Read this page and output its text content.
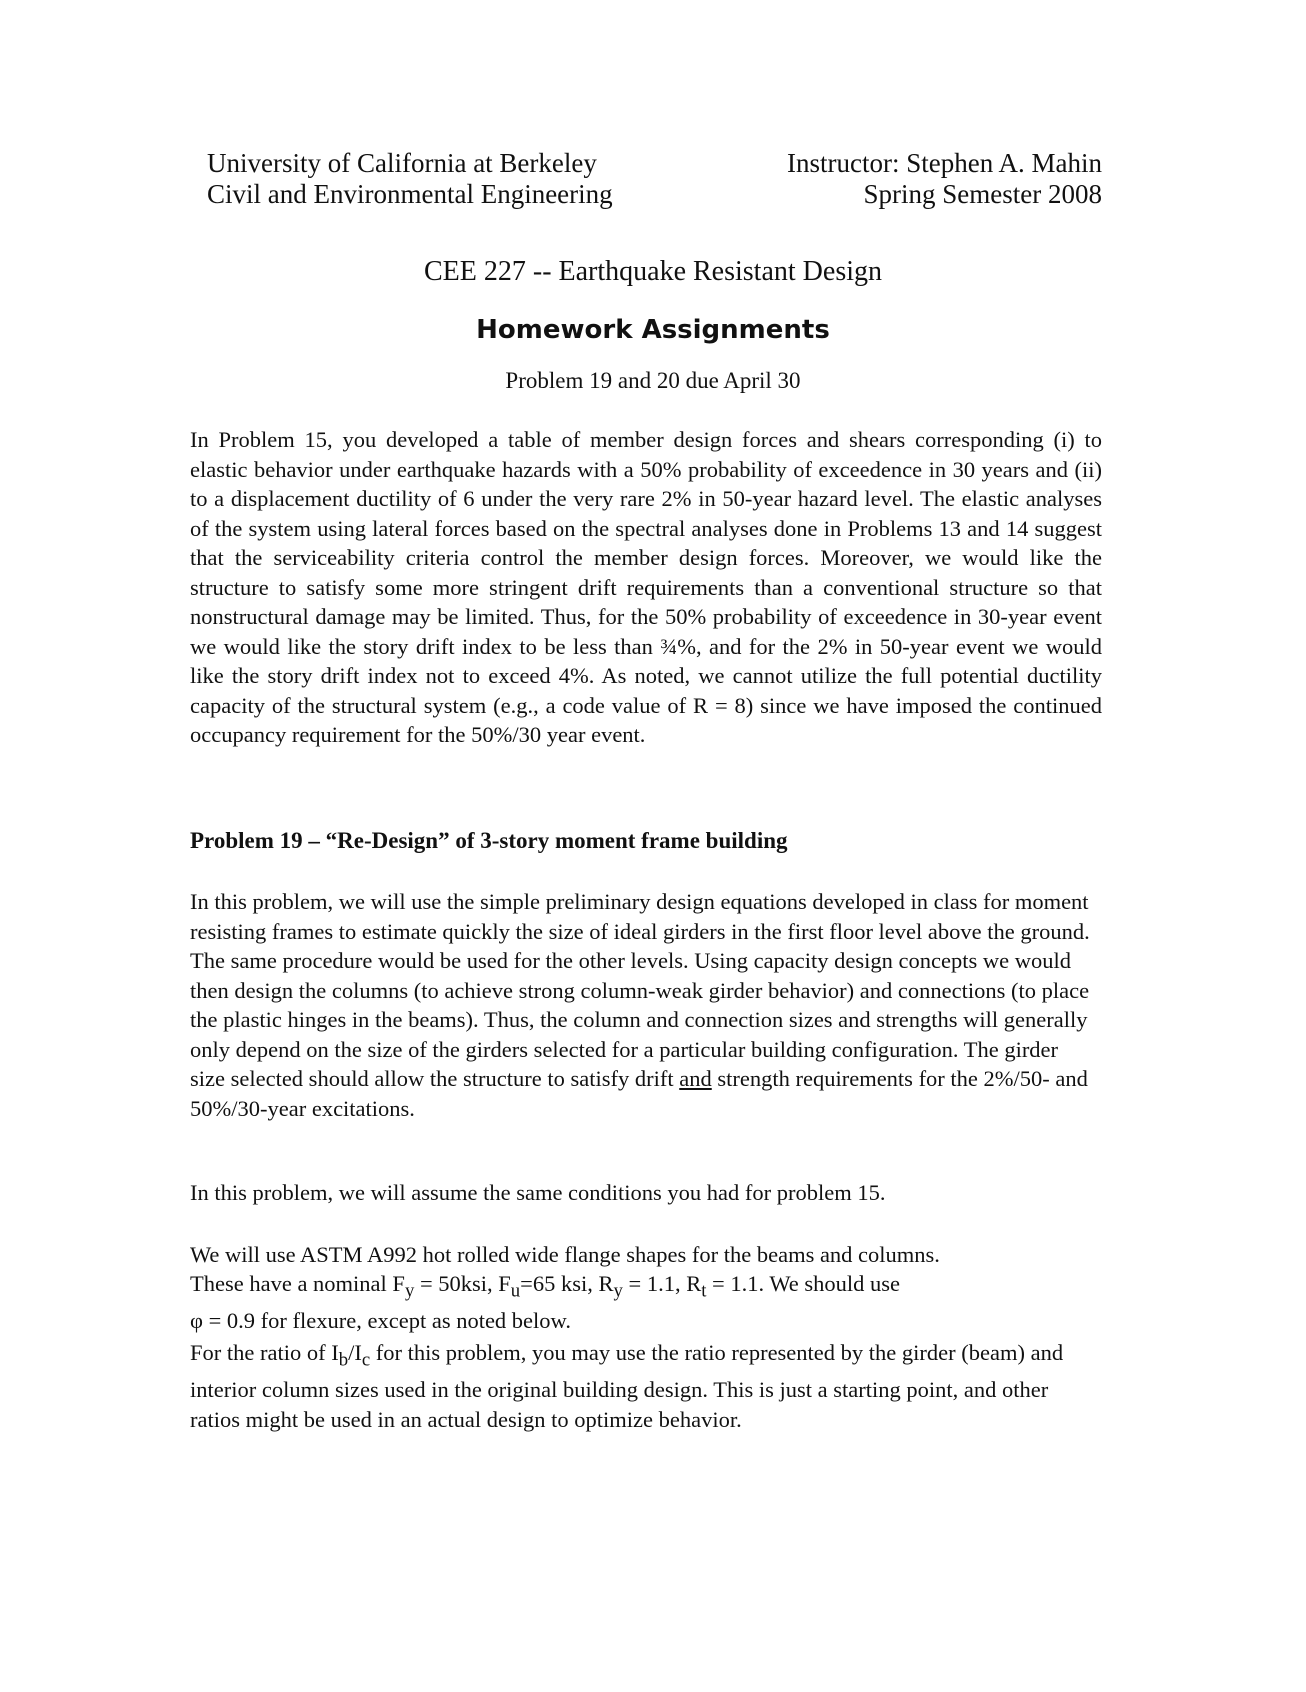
University of California at Berkeley
Civil and Environmental Engineering
Instructor: Stephen A. Mahin
Spring Semester 2008
CEE 227 -- Earthquake Resistant Design
Homework Assignments
Problem 19 and 20 due April 30

In Problem 15, you developed a table of member design forces and shears corresponding (i) to elastic behavior under earthquake hazards with a 50% probability of exceedence in 30 years and (ii) to a displacement ductility of 6 under the very rare 2% in 50-year hazard level. The elastic analyses of the system using lateral forces based on the spectral analyses done in Problems 13 and 14 suggest that the serviceability criteria control the member design forces. Moreover, we would like the structure to satisfy some more stringent drift requirements than a conventional structure so that nonstructural damage may be limited. Thus, for the 50% probability of exceedence in 30-year event we would like the story drift index to be less than ¾%, and for the 2% in 50-year event we would like the story drift index not to exceed 4%. As noted, we cannot utilize the full potential ductility capacity of the structural system (e.g., a code value of R = 8) since we have imposed the continued occupancy requirement for the 50%/30 year event.

Problem 19 – “Re-Design” of 3-story moment frame building

In this problem, we will use the simple preliminary design equations developed in class for moment resisting frames to estimate quickly the size of ideal girders in the first floor level above the ground. The same procedure would be used for the other levels. Using capacity design concepts we would then design the columns (to achieve strong column-weak girder behavior) and connections (to place the plastic hinges in the beams). Thus, the column and connection sizes and strengths will generally only depend on the size of the girders selected for a particular building configuration. The girder size selected should allow the structure to satisfy drift and strength requirements for the 2%/50- and 50%/30-year excitations.

In this problem, we will assume the same conditions you had for problem 15.

We will use ASTM A992 hot rolled wide flange shapes for the beams and columns.
These have a nominal $F_y = 50ksi$, $F_u=65$ ksi, $R_y = 1.1$, $R_t = 1.1$. We should use
φ = 0.9 for flexure, except as noted below.

For the ratio of $I_b/I_c$ for this problem, you may use the ratio represented by the girder (beam) and interior column sizes used in the original building design. This is just a starting point, and other ratios might be used in an actual design to optimize behavior.
